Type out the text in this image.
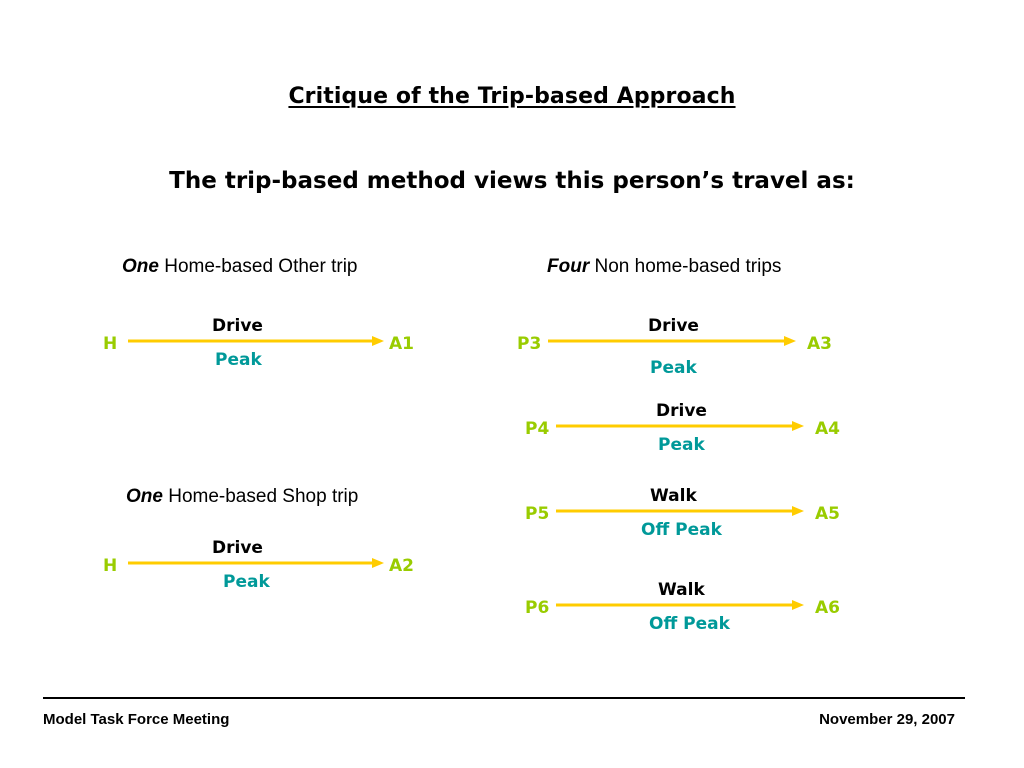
Critique of the Trip-based Approach
The trip-based method views this person’s travel as:
One Home-based Other trip
Drive
H	A1
Peak
One Home-based Shop trip
Drive
H	A2
Peak
Four Non home-based trips
Drive
P3	A3
Peak
Drive
P4	A4
Peak
Walk
P5	A5
Off Peak
Walk
P6	A6
Off Peak
Model Task Force Meeting	November 29, 2007
